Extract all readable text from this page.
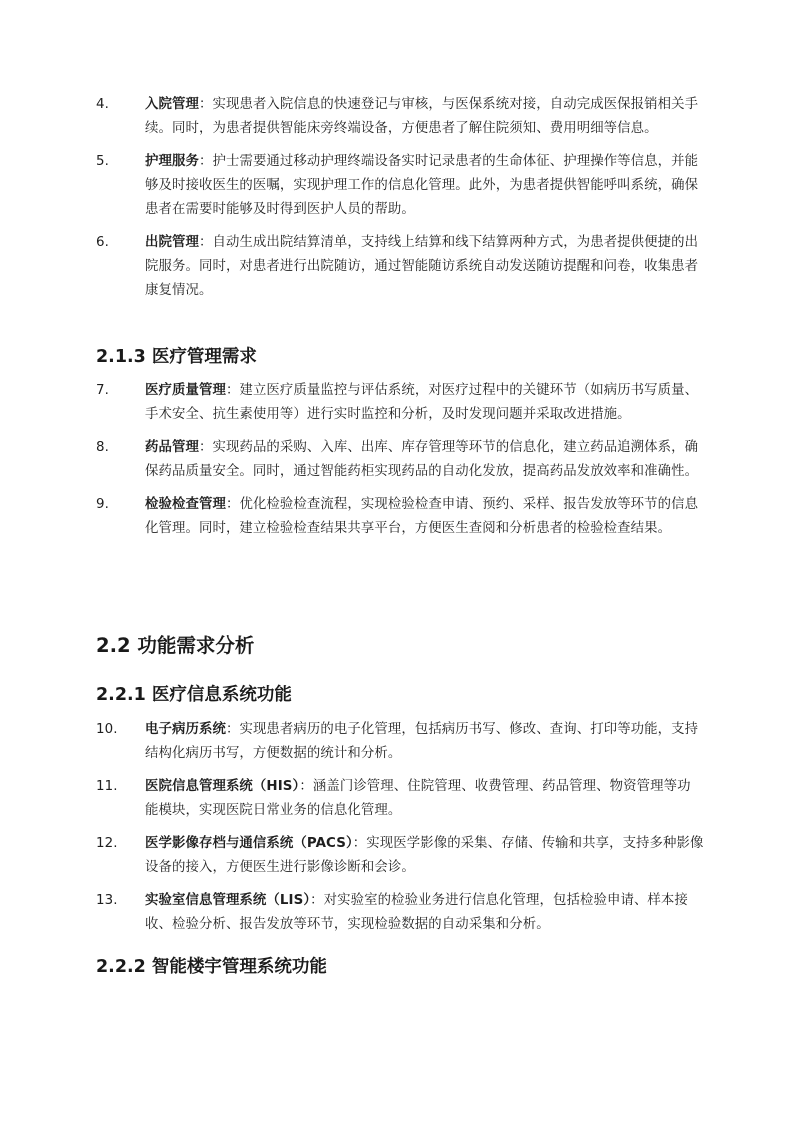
4.	入院管理：实现患者入院信息的快速登记与审核，与医保系统对接，自动完成医保报销相关手续。同时，为患者提供智能床旁终端设备，方便患者了解住院须知、费用明细等信息。
5.	护理服务：护士需要通过移动护理终端设备实时记录患者的生命体征、护理操作等信息，并能够及时接收医生的医嘱，实现护理工作的信息化管理。此外，为患者提供智能呼叫系统，确保患者在需要时能够及时得到医护人员的帮助。
6.	出院管理：自动生成出院结算清单，支持线上结算和线下结算两种方式，为患者提供便捷的出院服务。同时，对患者进行出院随访，通过智能随访系统自动发送随访提醒和问卷，收集患者康复情况。
2.1.3 医疗管理需求
7.	医疗质量管理：建立医疗质量监控与评估系统，对医疗过程中的关键环节（如病历书写质量、手术安全、抗生素使用等）进行实时监控和分析，及时发现问题并采取改进措施。
8.	药品管理：实现药品的采购、入库、出库、库存管理等环节的信息化，建立药品追溯体系，确保药品质量安全。同时，通过智能药柜实现药品的自动化发放，提高药品发放效率和准确性。
9.	检验检查管理：优化检验检查流程，实现检验检查申请、预约、采样、报告发放等环节的信息化管理。同时，建立检验检查结果共享平台，方便医生查阅和分析患者的检验检查结果。
2.2 功能需求分析
2.2.1 医疗信息系统功能
10. 电子病历系统：实现患者病历的电子化管理，包括病历书写、修改、查询、打印等功能，支持结构化病历书写，方便数据的统计和分析。
11. 医院信息管理系统（HIS）：涵盖门诊管理、住院管理、收费管理、药品管理、物资管理等功能模块，实现医院日常业务的信息化管理。
12. 医学影像存档与通信系统（PACS）：实现医学影像的采集、存储、传输和共享，支持多种影像设备的接入，方便医生进行影像诊断和会诊。
13. 实验室信息管理系统（LIS）：对实验室的检验业务进行信息化管理，包括检验申请、样本接收、检验分析、报告发放等环节，实现检验数据的自动采集和分析。
2.2.2 智能楼宇管理系统功能
